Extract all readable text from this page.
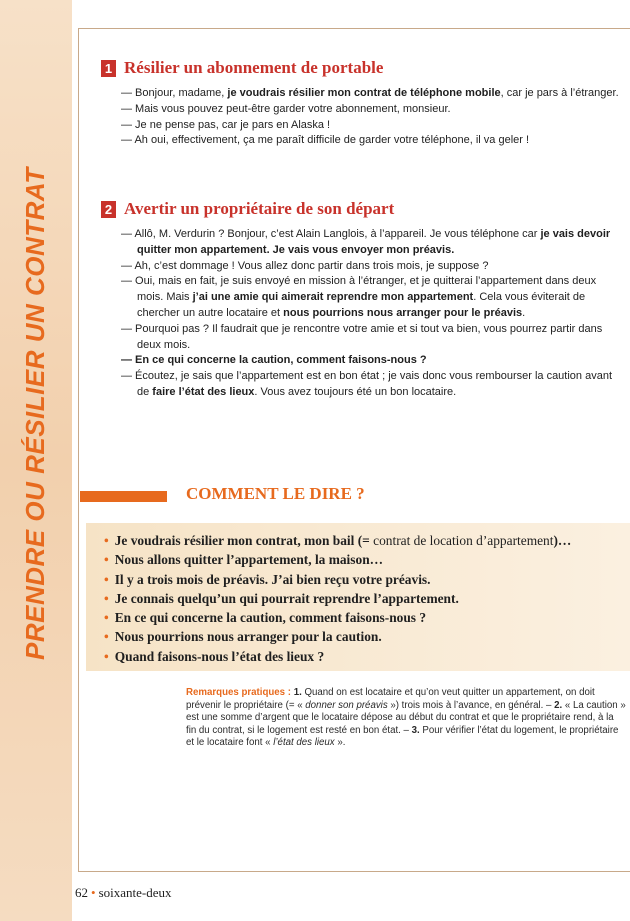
PRENDRE OU RÉSILIER UN CONTRAT
1 Résilier un abonnement de portable
— Bonjour, madame, je voudrais résilier mon contrat de téléphone mobile, car je pars à l’étranger.
— Mais vous pouvez peut-être garder votre abonnement, monsieur.
— Je ne pense pas, car je pars en Alaska !
— Ah oui, effectivement, ça me paraît difficile de garder votre téléphone, il va geler !
2 Avertir un propriétaire de son départ
— Allô, M. Verdurin ? Bonjour, c’est Alain Langlois, à l’appareil. Je vous téléphone car je vais devoir quitter mon appartement. Je vais vous envoyer mon préavis.
— Ah, c’est dommage ! Vous allez donc partir dans trois mois, je suppose ?
— Oui, mais en fait, je suis envoyé en mission à l’étranger, et je quitterai l’appartement dans deux mois. Mais j’ai une amie qui aimerait reprendre mon appartement. Cela vous éviterait de chercher un autre locataire et nous pourrions nous arranger pour le préavis.
— Pourquoi pas ? Il faudrait que je rencontre votre amie et si tout va bien, vous pourrez partir dans deux mois.
— En ce qui concerne la caution, comment faisons-nous ?
— Écoutez, je sais que l’appartement est en bon état ; je vais donc vous rembourser la caution avant de faire l’état des lieux. Vous avez toujours été un bon locataire.
COMMENT LE DIRE ?
• Je voudrais résilier mon contrat, mon bail (= contrat de location d’appartement)…
• Nous allons quitter l’appartement, la maison…
• Il y a trois mois de préavis. J’ai bien reçu votre préavis.
• Je connais quelqu’un qui pourrait reprendre l’appartement.
• En ce qui concerne la caution, comment faisons-nous ?
• Nous pourrions nous arranger pour la caution.
• Quand faisons-nous l’état des lieux ?
Remarques pratiques : 1. Quand on est locataire et qu’on veut quitter un appartement, on doit prévenir le propriétaire (= « donner son préavis ») trois mois à l’avance, en général. – 2. « La caution » est une somme d’argent que le locataire dépose au début du contrat et que le propriétaire rend, à la fin du contrat, si le logement est resté en bon état. – 3. Pour vérifier l’état du logement, le propriétaire et le locataire font « l’état des lieux ».
62 • soixante-deux
